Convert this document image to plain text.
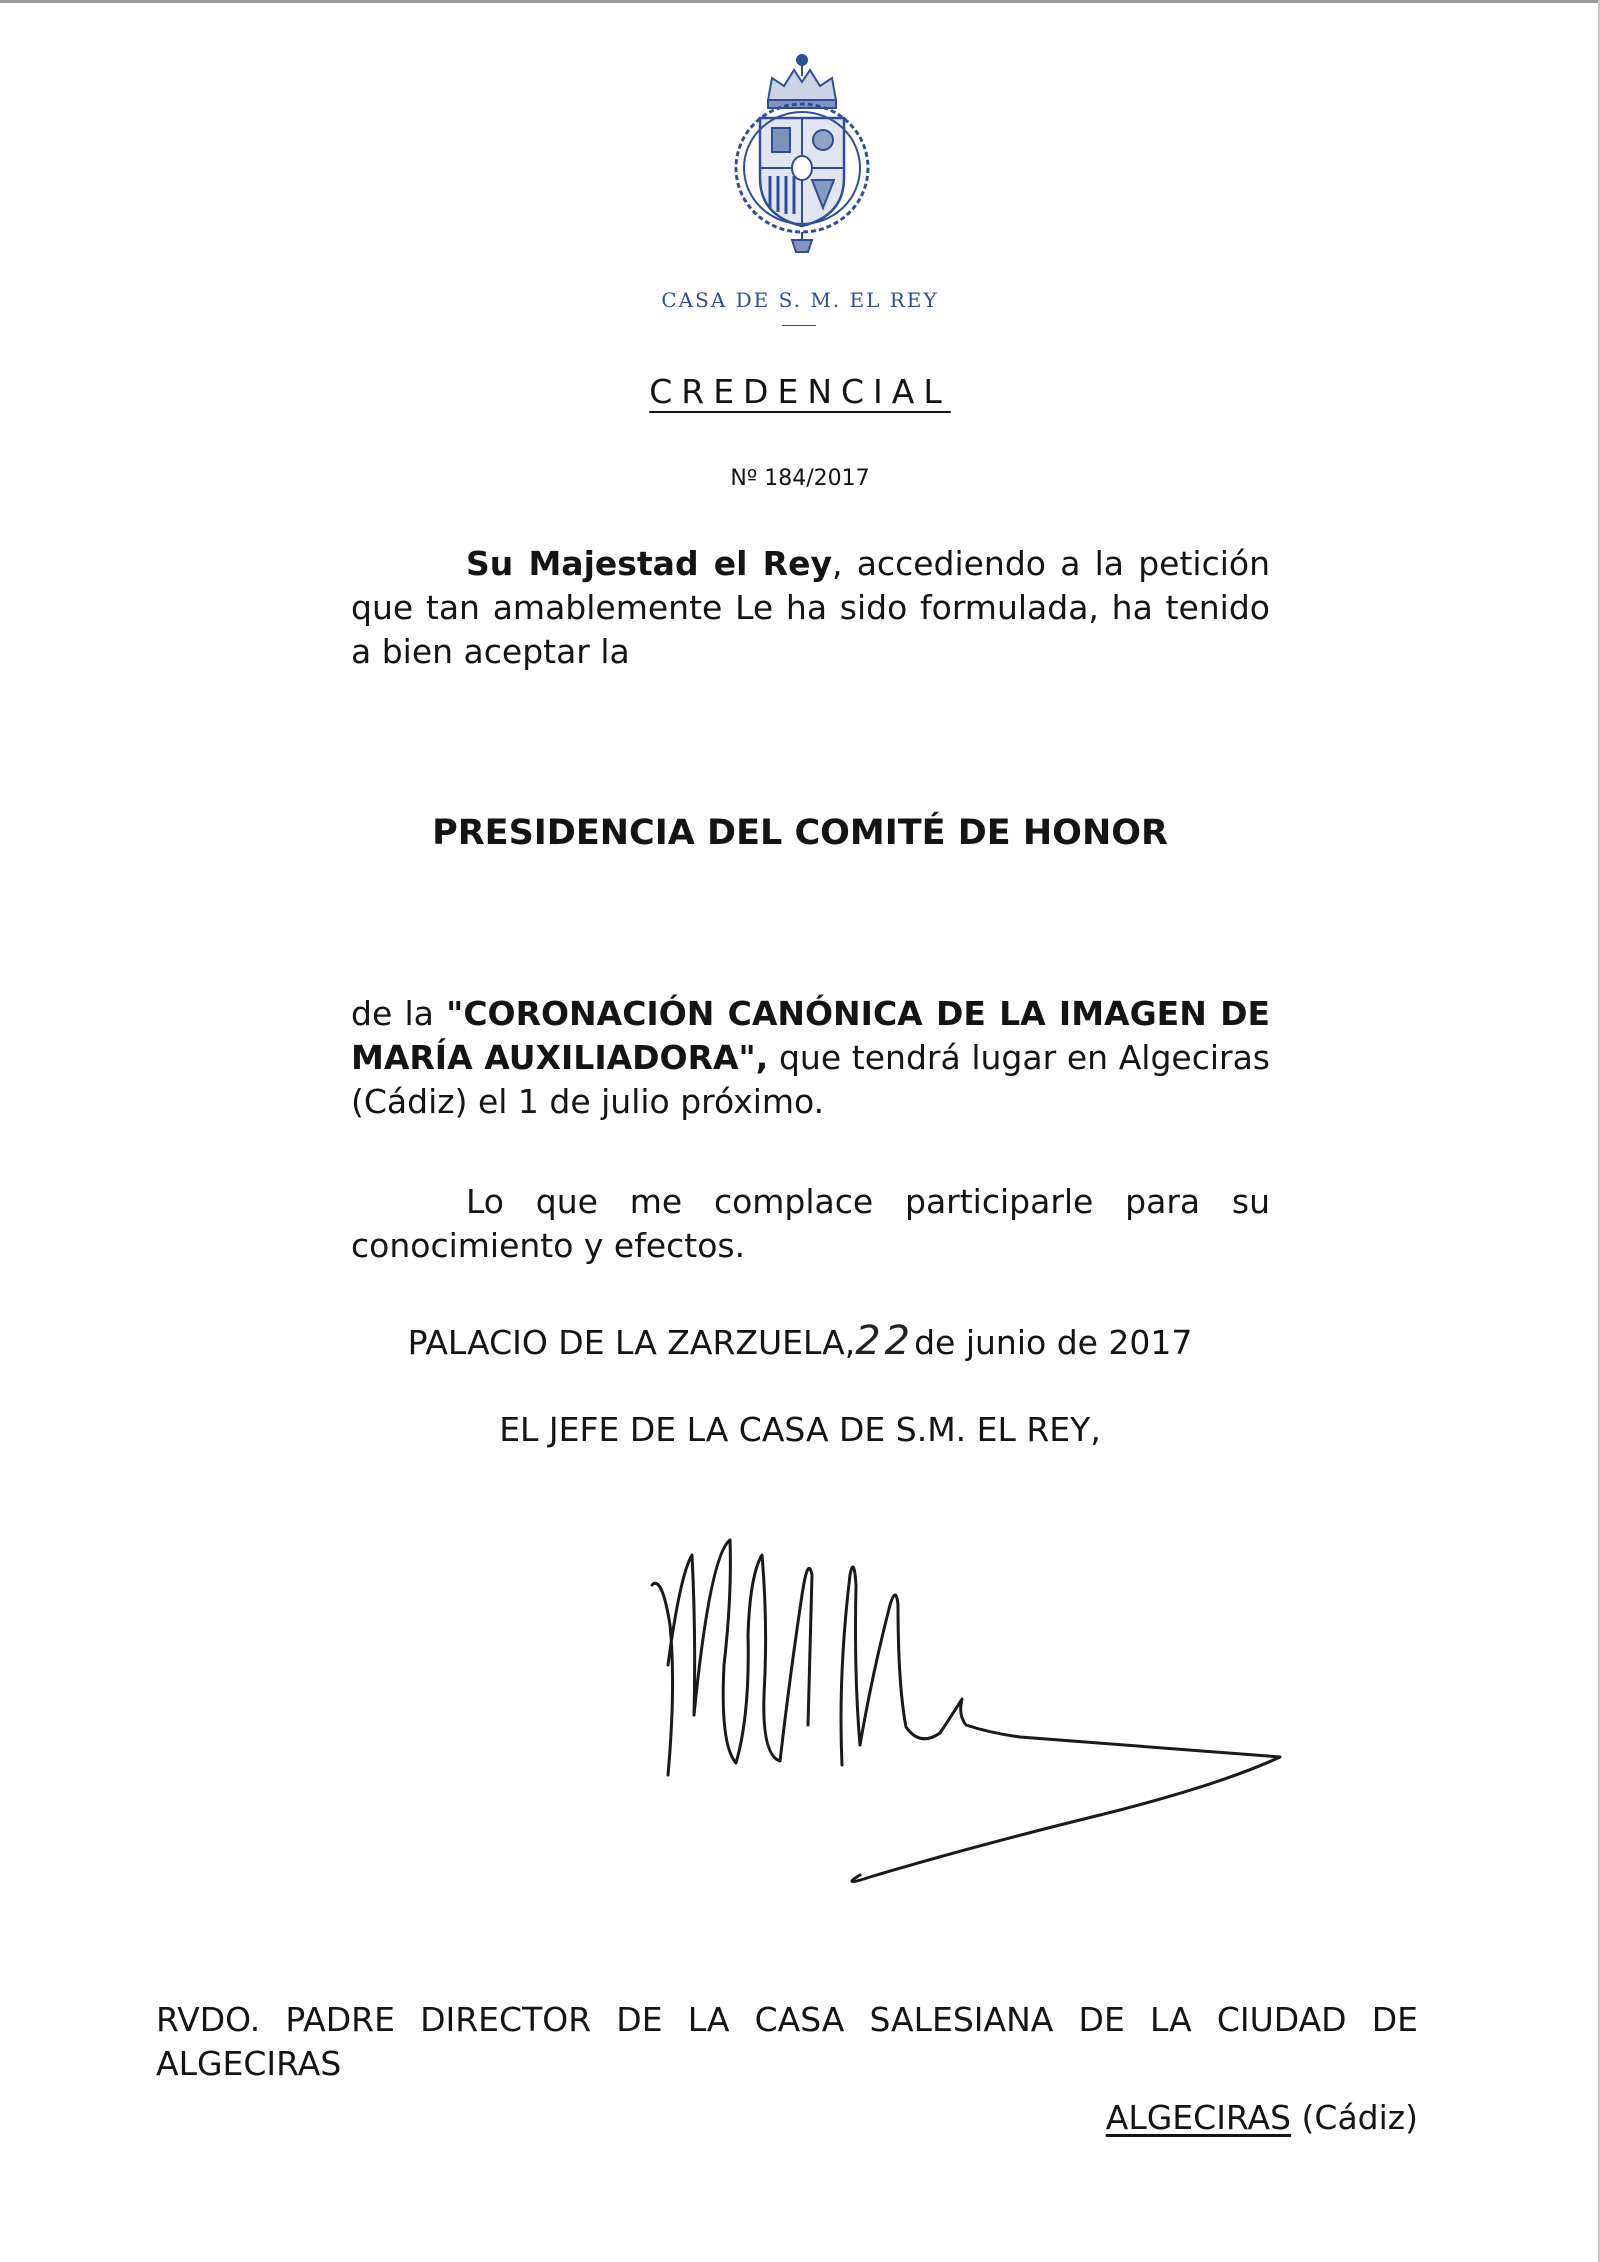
CASA DE S. M. EL REY
CREDENCIAL
Nº 184/2017

Su Majestad el Rey, accediendo a la petición que tan amablemente Le ha sido formulada, ha tenido a bien aceptar la

PRESIDENCIA DEL COMITÉ DE HONOR

de la "CORONACIÓN CANÓNICA DE LA IMAGEN DE MARÍA AUXILIADORA", que tendrá lugar en Algeciras (Cádiz) el 1 de julio próximo.

Lo que me complace participarle para su conocimiento y efectos.

PALACIO DE LA ZARZUELA,22de junio de 2017
EL JEFE DE LA CASA DE S.M. EL REY,

RVDO. PADRE DIRECTOR DE LA CASA SALESIANA DE LA CIUDAD DE ALGECIRAS

ALGECIRAS (Cádiz)
